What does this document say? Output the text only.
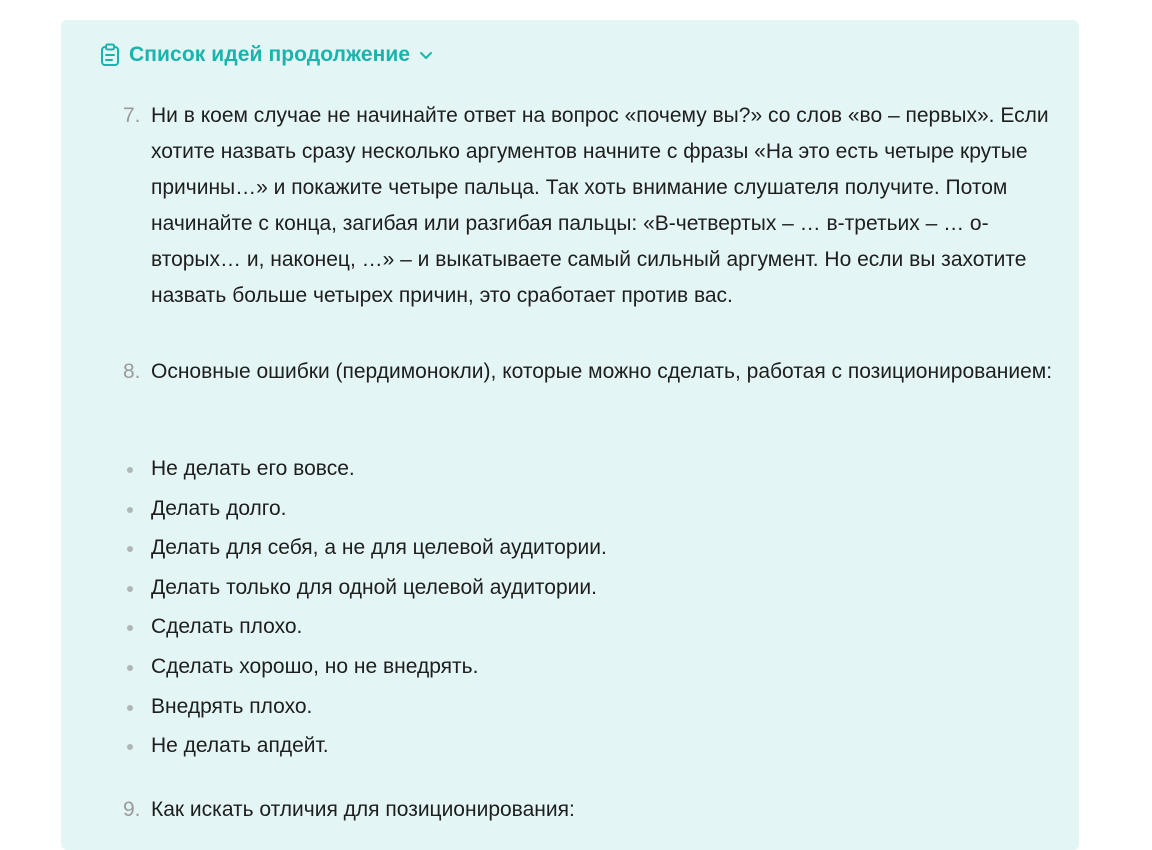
Список идей продолжение
7. Ни в коем случае не начинайте ответ на вопрос «почему вы?» со слов «во – первых». Если хотите назвать сразу несколько аргументов начните с фразы «На это есть четыре крутые причины…» и покажите четыре пальца. Так хоть внимание слушателя получите. Потом начинайте с конца, загибая или разгибая пальцы: «В-четвертых – … в-третьих – … о-вторых… и, наконец, …» – и выкатываете самый сильный аргумент. Но если вы захотите назвать больше четырех причин, это сработает против вас.
8. Основные ошибки (пердимонокли), которые можно сделать, работая с позиционированием:
Не делать его вовсе.
Делать долго.
Делать для себя, а не для целевой аудитории.
Делать только для одной целевой аудитории.
Сделать плохо.
Сделать хорошо, но не внедрять.
Внедрять плохо.
Не делать апдейт.
9. Как искать отличия для позиционирования:
